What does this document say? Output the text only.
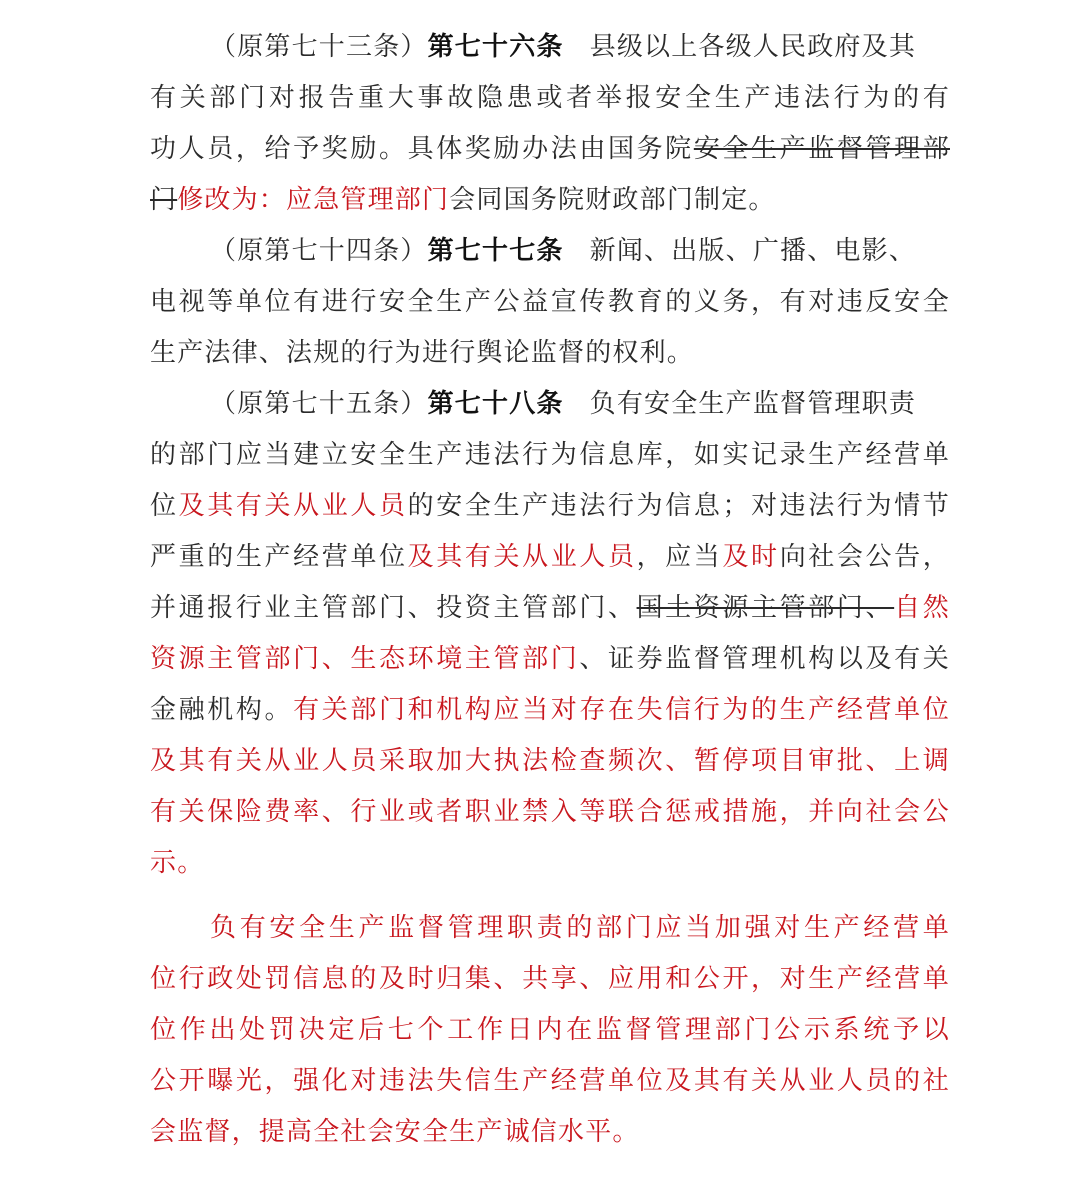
（原第七十三条）第七十六条 县级以上各级人民政府及其
有关部门对报告重大事故隐患或者举报安全生产违法行为的有
功人员，给予奖励。具体奖励办法由国务院安全生产监督管理部
门修改为：应急管理部门会同国务院财政部门制定。
（原第七十四条）第七十七条 新闻、出版、广播、电影、
电视等单位有进行安全生产公益宣传教育的义务，有对违反安全
生产法律、法规的行为进行舆论监督的权利。
（原第七十五条）第七十八条 负有安全生产监督管理职责
的部门应当建立安全生产违法行为信息库，如实记录生产经营单
位及其有关从业人员的安全生产违法行为信息；对违法行为情节
严重的生产经营单位及其有关从业人员，应当及时向社会公告，
并通报行业主管部门、投资主管部门、国土资源主管部门、自然
资源主管部门、生态环境主管部门、证券监督管理机构以及有关
金融机构。有关部门和机构应当对存在失信行为的生产经营单位
及其有关从业人员采取加大执法检查频次、暂停项目审批、上调
有关保险费率、行业或者职业禁入等联合惩戒措施，并向社会公
示。
负有安全生产监督管理职责的部门应当加强对生产经营单
位行政处罚信息的及时归集、共享、应用和公开，对生产经营单
位作出处罚决定后七个工作日内在监督管理部门公示系统予以
公开曝光，强化对违法失信生产经营单位及其有关从业人员的社
会监督，提高全社会安全生产诚信水平。
